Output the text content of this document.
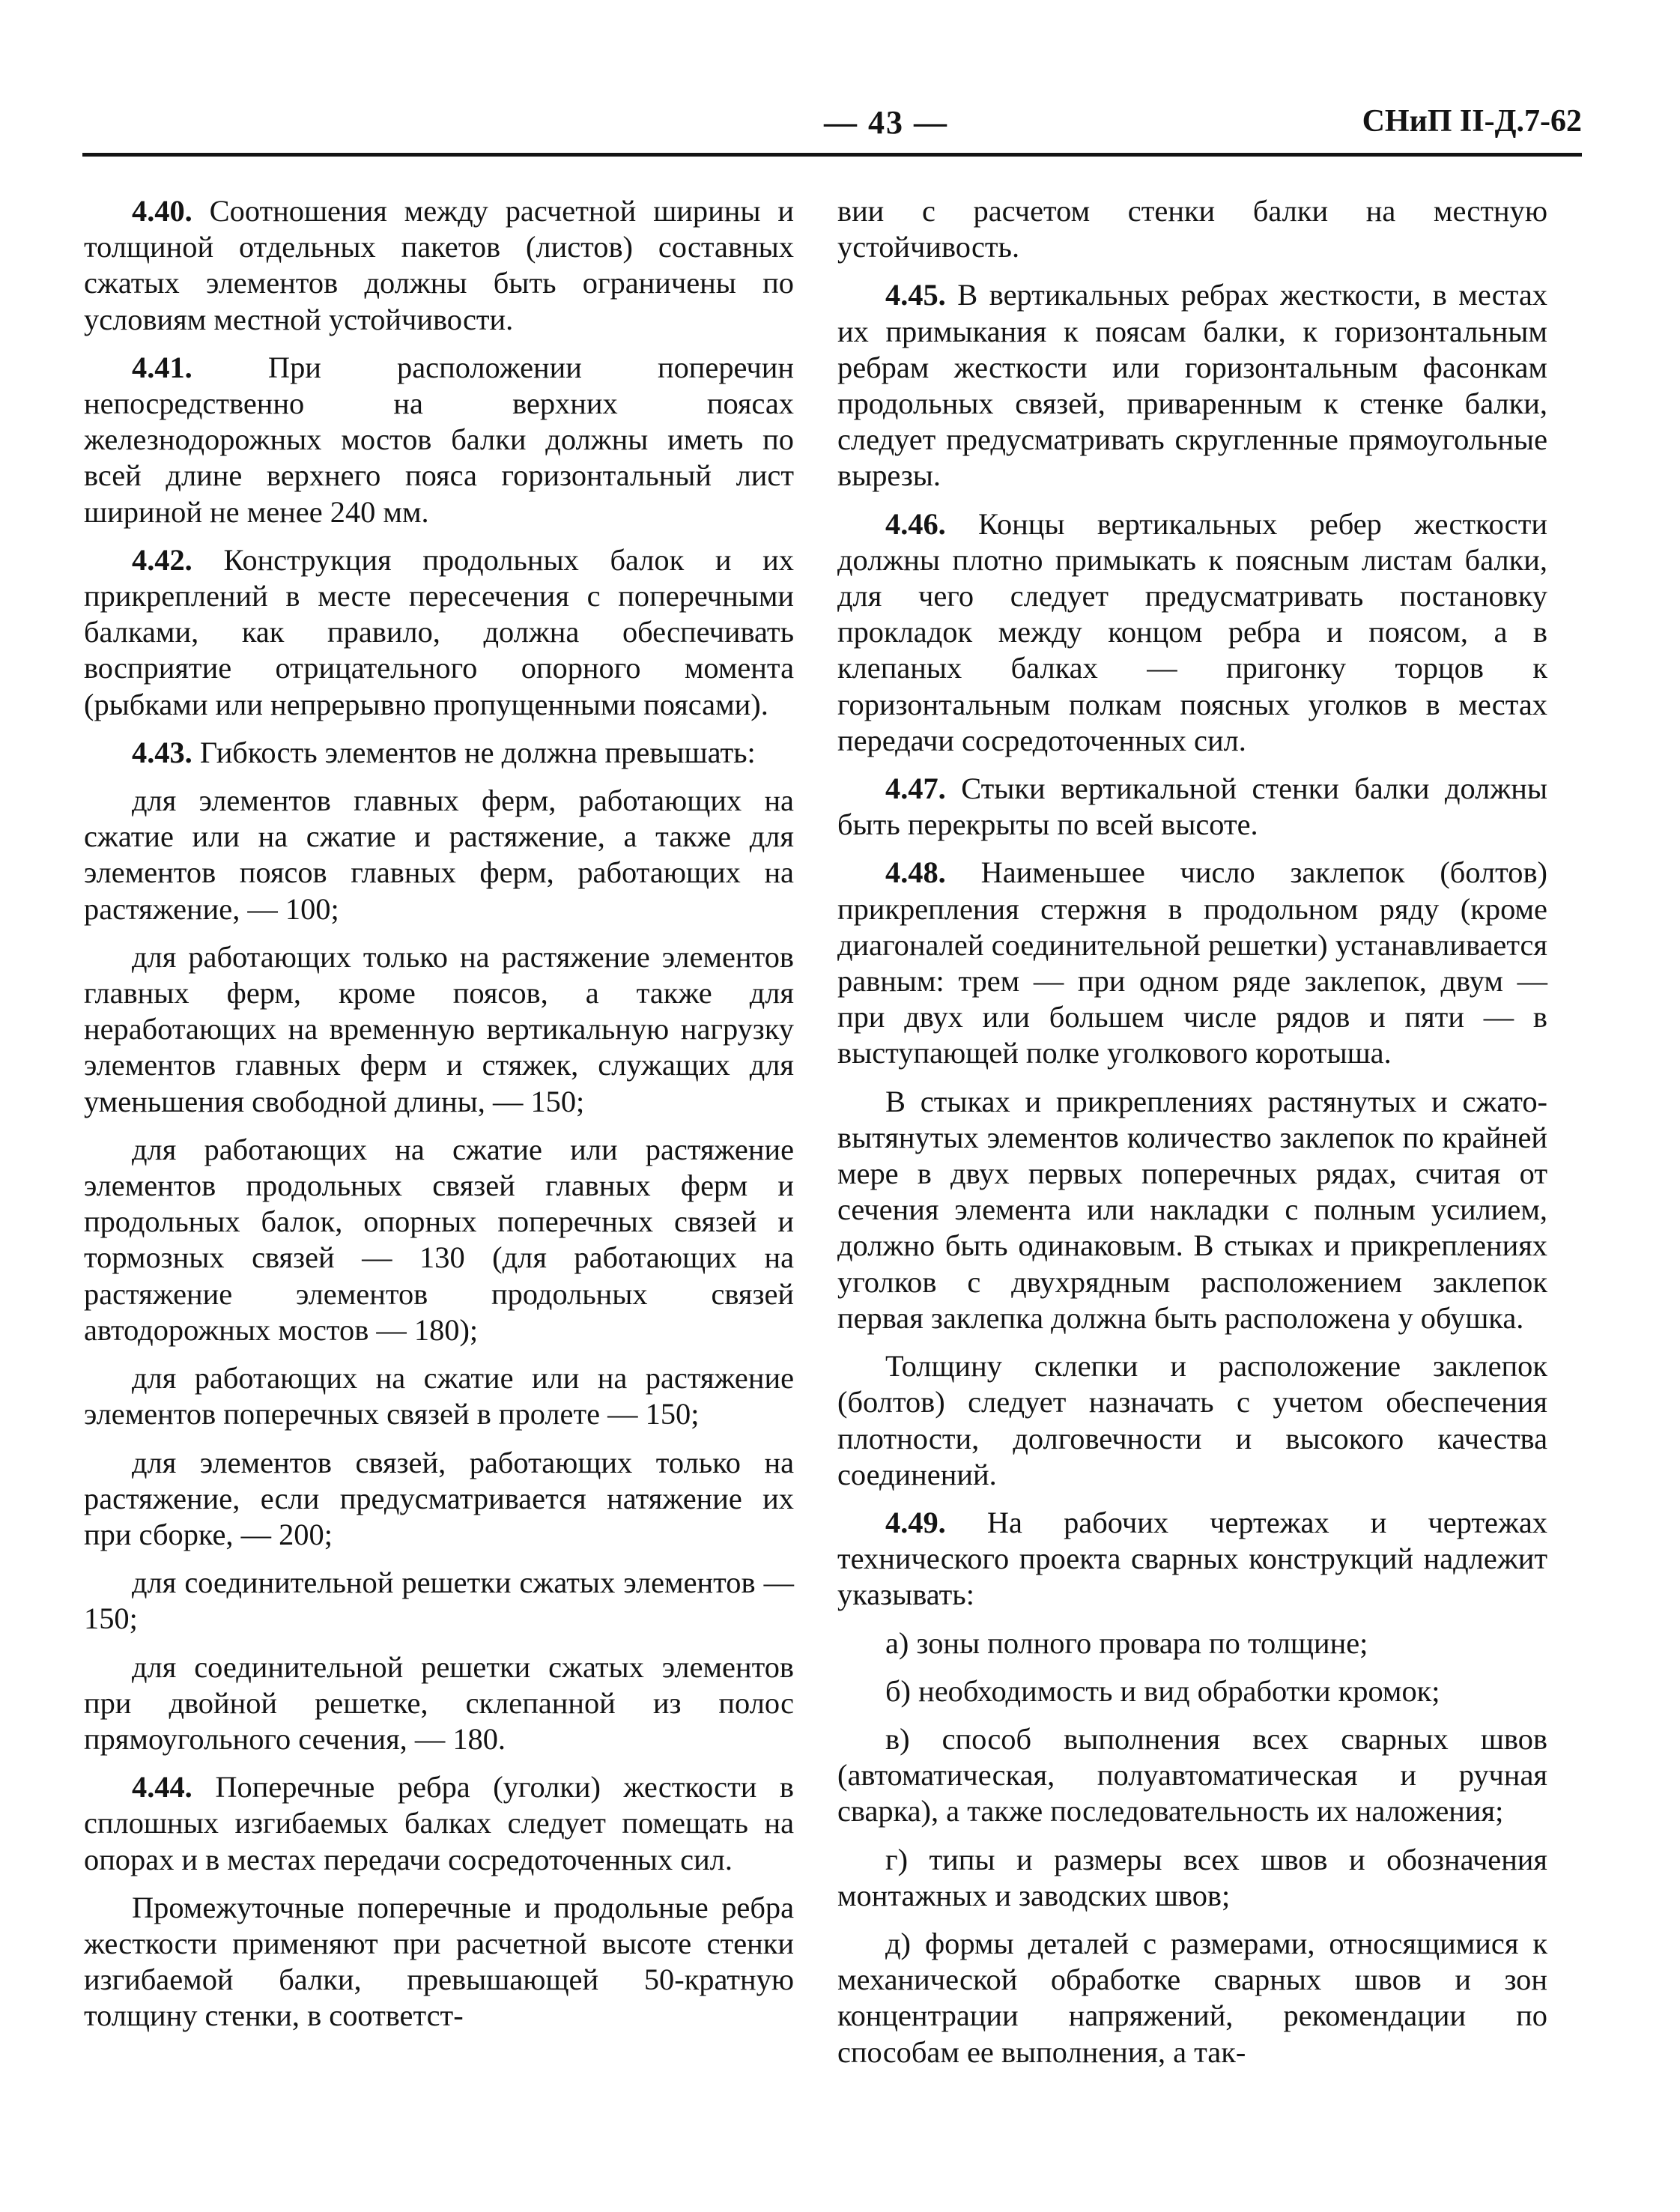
— 43 —	СНиП II-Д.7-62

4.40. Соотношения между расчетной ширины и толщиной отдельных пакетов (листов) составных сжатых элементов должны быть ограничены по условиям местной устойчивости.

4.41. При расположении поперечин непосредственно на верхних поясах железнодорожных мостов балки должны иметь по всей длине верхнего пояса горизонтальный лист шириной не менее 240 мм.

4.42. Конструкция продольных балок и их прикреплений в месте пересечения с поперечными балками, как правило, должна обеспечивать восприятие отрицательного опорного момента (рыбками или непрерывно пропущенными поясами).

4.43. Гибкость элементов не должна превышать:

для элементов главных ферм, работающих на сжатие или на сжатие и растяжение, а также для элементов поясов главных ферм, работающих на растяжение, — 100;

для работающих только на растяжение элементов главных ферм, кроме поясов, а также для неработающих на временную вертикальную нагрузку элементов главных ферм и стяжек, служащих для уменьшения свободной длины, — 150;

для работающих на сжатие или растяжение элементов продольных связей главных ферм и продольных балок, опорных поперечных связей и тормозных связей — 130 (для работающих на растяжение элементов продольных связей автодорожных мостов — 180);

для работающих на сжатие или на растяжение элементов поперечных связей в пролете — 150;

для элементов связей, работающих только на растяжение, если предусматривается натяжение их при сборке, — 200;

для соединительной решетки сжатых элементов — 150;

для соединительной решетки сжатых элементов при двойной решетке, склепанной из полос прямоугольного сечения, — 180.

4.44. Поперечные ребра (уголки) жесткости в сплошных изгибаемых балках следует помещать на опорах и в местах передачи сосредоточенных сил.

Промежуточные поперечные и продольные ребра жесткости применяют при расчетной высоте стенки изгибаемой балки, превышающей 50-кратную толщину стенки, в соответст-

вии с расчетом стенки балки на местную устойчивость.

4.45. В вертикальных ребрах жесткости, в местах их примыкания к поясам балки, к горизонтальным ребрам жесткости или горизонтальным фасонкам продольных связей, приваренным к стенке балки, следует предусматривать скругленные прямоугольные вырезы.

4.46. Концы вертикальных ребер жесткости должны плотно примыкать к поясным листам балки, для чего следует предусматривать постановку прокладок между концом ребра и поясом, а в клепаных балках — пригонку торцов к горизонтальным полкам поясных уголков в местах передачи сосредоточенных сил.

4.47. Стыки вертикальной стенки балки должны быть перекрыты по всей высоте.

4.48. Наименьшее число заклепок (болтов) прикрепления стержня в продольном ряду (кроме диагоналей соединительной решетки) устанавливается равным: трем — при одном ряде заклепок, двум — при двух или большем числе рядов и пяти — в выступающей полке уголкового коротыша.

В стыках и прикреплениях растянутых и сжато-вытянутых элементов количество заклепок по крайней мере в двух первых поперечных рядах, считая от сечения элемента или накладки с полным усилием, должно быть одинаковым. В стыках и прикреплениях уголков с двухрядным расположением заклепок первая заклепка должна быть расположена у обушка.

Толщину склепки и расположение заклепок (болтов) следует назначать с учетом обеспечения плотности, долговечности и высокого качества соединений.

4.49. На рабочих чертежах и чертежах технического проекта сварных конструкций надлежит указывать:

а) зоны полного провара по толщине;

б) необходимость и вид обработки кромок;

в) способ выполнения всех сварных швов (автоматическая, полуавтоматическая и ручная сварка), а также последовательность их наложения;

г) типы и размеры всех швов и обозначения монтажных и заводских швов;

д) формы деталей с размерами, относящимися к механической обработке сварных швов и зон концентрации напряжений, рекомендации по способам ее выполнения, а так-
